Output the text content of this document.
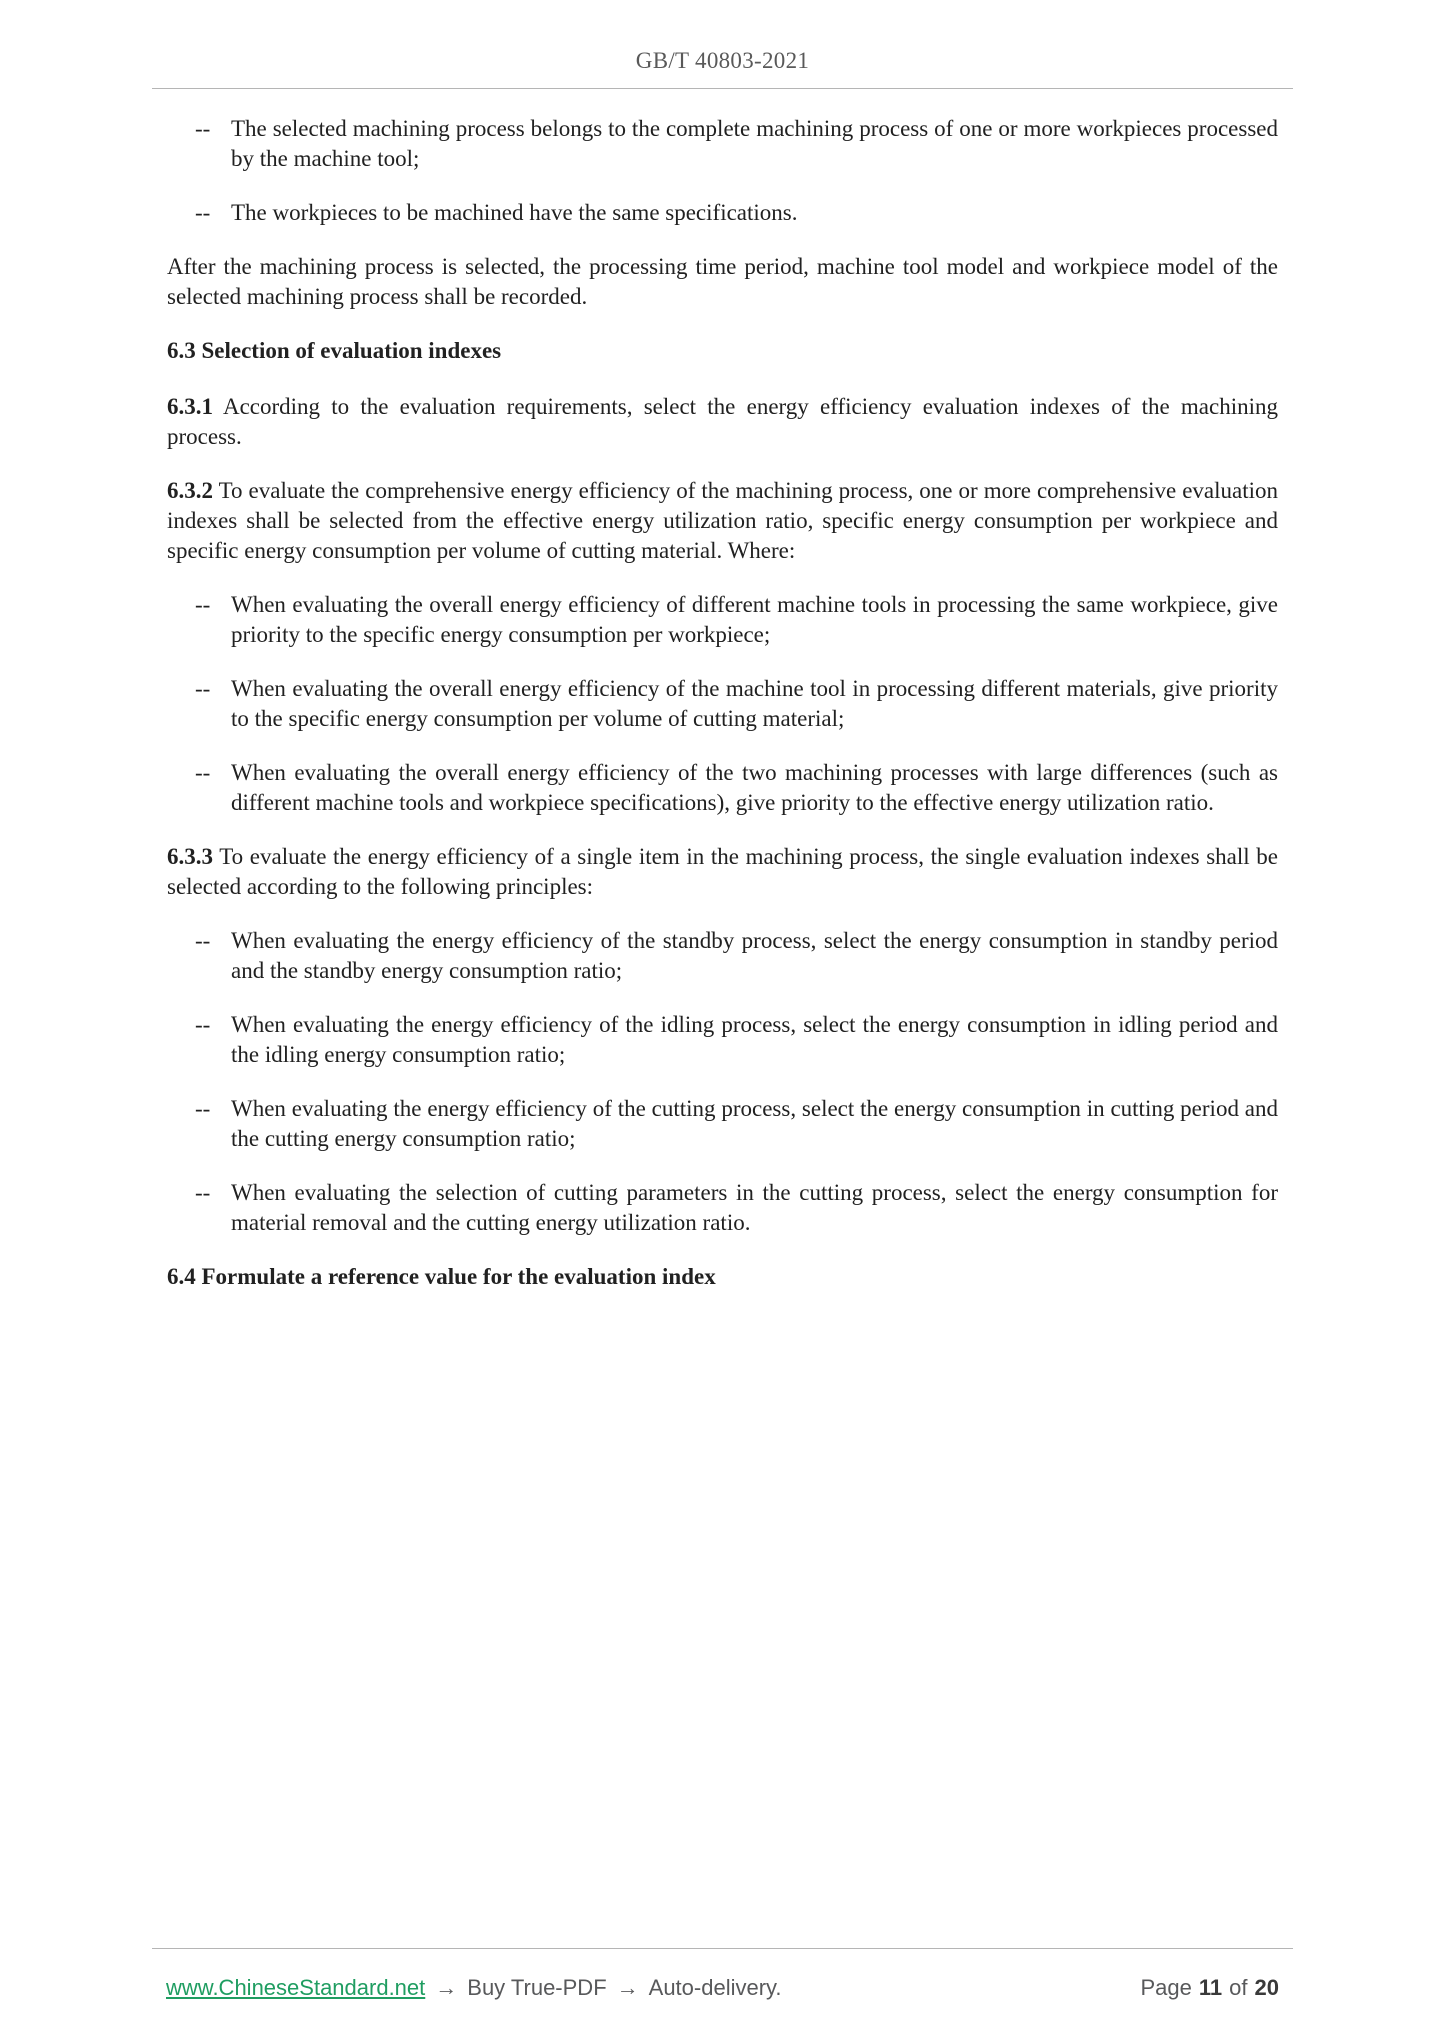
GB/T 40803-2021
-- The selected machining process belongs to the complete machining process of one or more workpieces processed by the machine tool;
-- The workpieces to be machined have the same specifications.
After the machining process is selected, the processing time period, machine tool model and workpiece model of the selected machining process shall be recorded.
6.3 Selection of evaluation indexes
6.3.1 According to the evaluation requirements, select the energy efficiency evaluation indexes of the machining process.
6.3.2 To evaluate the comprehensive energy efficiency of the machining process, one or more comprehensive evaluation indexes shall be selected from the effective energy utilization ratio, specific energy consumption per workpiece and specific energy consumption per volume of cutting material. Where:
-- When evaluating the overall energy efficiency of different machine tools in processing the same workpiece, give priority to the specific energy consumption per workpiece;
-- When evaluating the overall energy efficiency of the machine tool in processing different materials, give priority to the specific energy consumption per volume of cutting material;
-- When evaluating the overall energy efficiency of the two machining processes with large differences (such as different machine tools and workpiece specifications), give priority to the effective energy utilization ratio.
6.3.3 To evaluate the energy efficiency of a single item in the machining process, the single evaluation indexes shall be selected according to the following principles:
-- When evaluating the energy efficiency of the standby process, select the energy consumption in standby period and the standby energy consumption ratio;
-- When evaluating the energy efficiency of the idling process, select the energy consumption in idling period and the idling energy consumption ratio;
-- When evaluating the energy efficiency of the cutting process, select the energy consumption in cutting period and the cutting energy consumption ratio;
-- When evaluating the selection of cutting parameters in the cutting process, select the energy consumption for material removal and the cutting energy utilization ratio.
6.4 Formulate a reference value for the evaluation index
www.ChineseStandard.net → Buy True-PDF → Auto-delivery.	Page 11 of 20
